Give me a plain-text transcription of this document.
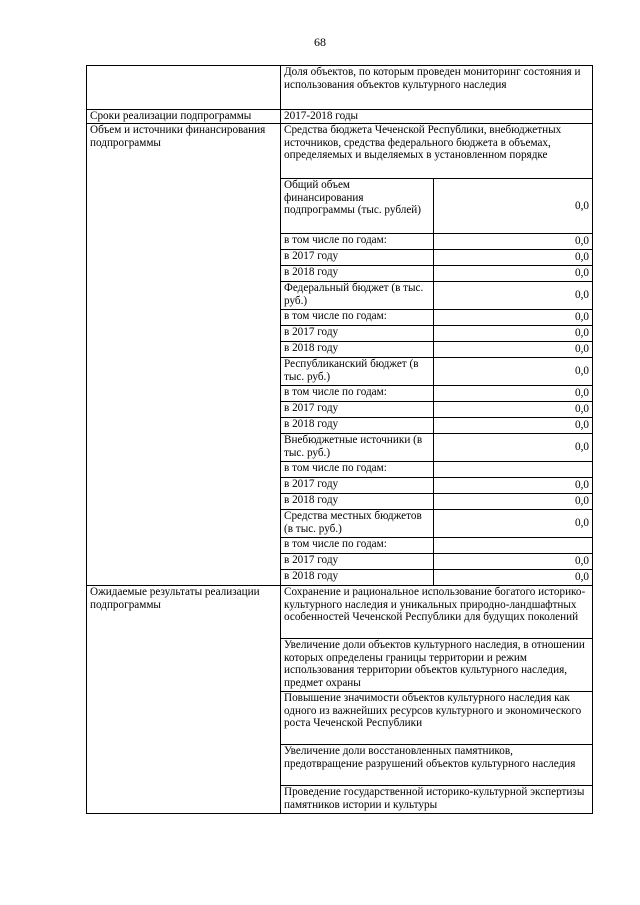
68
	Доля объектов, по которым проведен мониторинг состояния и использования объектов культурного наследия	
Сроки реализации подпрограммы	2017-2018 годы	
Объем и источники финансирования подпрограммы	Средства бюджета Чеченской Республики, внебюджетных источников, средства федерального бюджета в объемах, определяемых и выделяемых в установленном порядке	
	Общий объем финансирования подпрограммы (тыс. рублей)	0,0
	в том числе по годам:	0,0
	в 2017 году	0,0
	в 2018 году	0,0
	Федеральный бюджет (в тыс. руб.)	0,0
	в том числе по годам:	0,0
	в 2017 году	0,0
	в 2018 году	0,0
	Республиканский бюджет (в тыс. руб.)	0,0
	в том числе по годам:	0,0
	в 2017 году	0,0
	в 2018 году	0,0
	Внебюджетные источники (в тыс. руб.)	0,0
	в том числе по годам:	
	в 2017 году	0,0
	в 2018 году	0,0
	Средства местных бюджетов (в тыс. руб.)	0,0
	в том числе по годам:	
	в 2017 году	0,0
	в 2018 году	0,0
Ожидаемые результаты реализации подпрограммы	Сохранение и рациональное использование богатого историко-культурного наследия и уникальных природно-ландшафтных особенностей Чеченской Республики для будущих поколений	
	Увеличение доли объектов культурного наследия, в отношении которых определены границы территории и режим использования территории объектов культурного наследия, предмет охраны	
	Повышение значимости объектов культурного наследия как одного из важнейших ресурсов культурного и экономического роста Чеченской Республики	
	Увеличение доли восстановленных памятников, предотвращение разрушений объектов культурного наследия	
	Проведение государственной историко-культурной экспертизы памятников истории и культуры	
